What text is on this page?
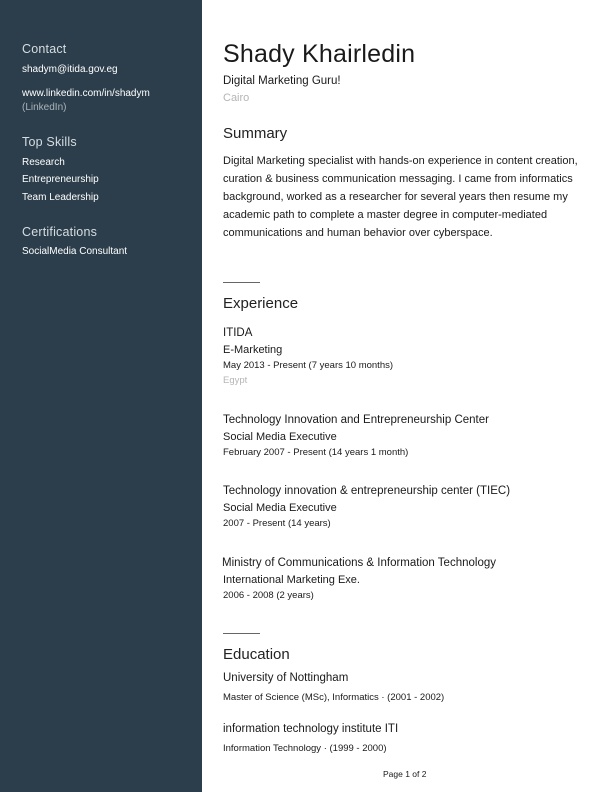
Contact
shadym@itida.gov.eg
www.linkedin.com/in/shadym
(LinkedIn)
Top Skills
Research
Entrepreneurship
Team Leadership
Certifications
SocialMedia Consultant
Shady Khairledin
Digital Marketing Guru!
Cairo
Summary
Digital Marketing specialist with hands-on experience in content creation, curation & business communication messaging. I came from informatics background, worked as a researcher for several years then resume my academic path to complete a master degree in computer-mediated communications and human behavior over cyberspace.
Experience
ITIDA
E-Marketing
May 2013 - Present (7 years 10 months)
Egypt
Technology Innovation and Entrepreneurship Center
Social Media Executive
February 2007 - Present (14 years 1 month)
Technology innovation & entrepreneurship center (TIEC)
Social Media Executive
2007 - Present (14 years)
Ministry of Communications & Information Technology
International Marketing Exe.
2006 - 2008 (2 years)
Education
University of Nottingham
Master of Science (MSc), Informatics · (2001 - 2002)
information technology institute ITI
Information Technology · (1999 - 2000)
Page 1 of 2
